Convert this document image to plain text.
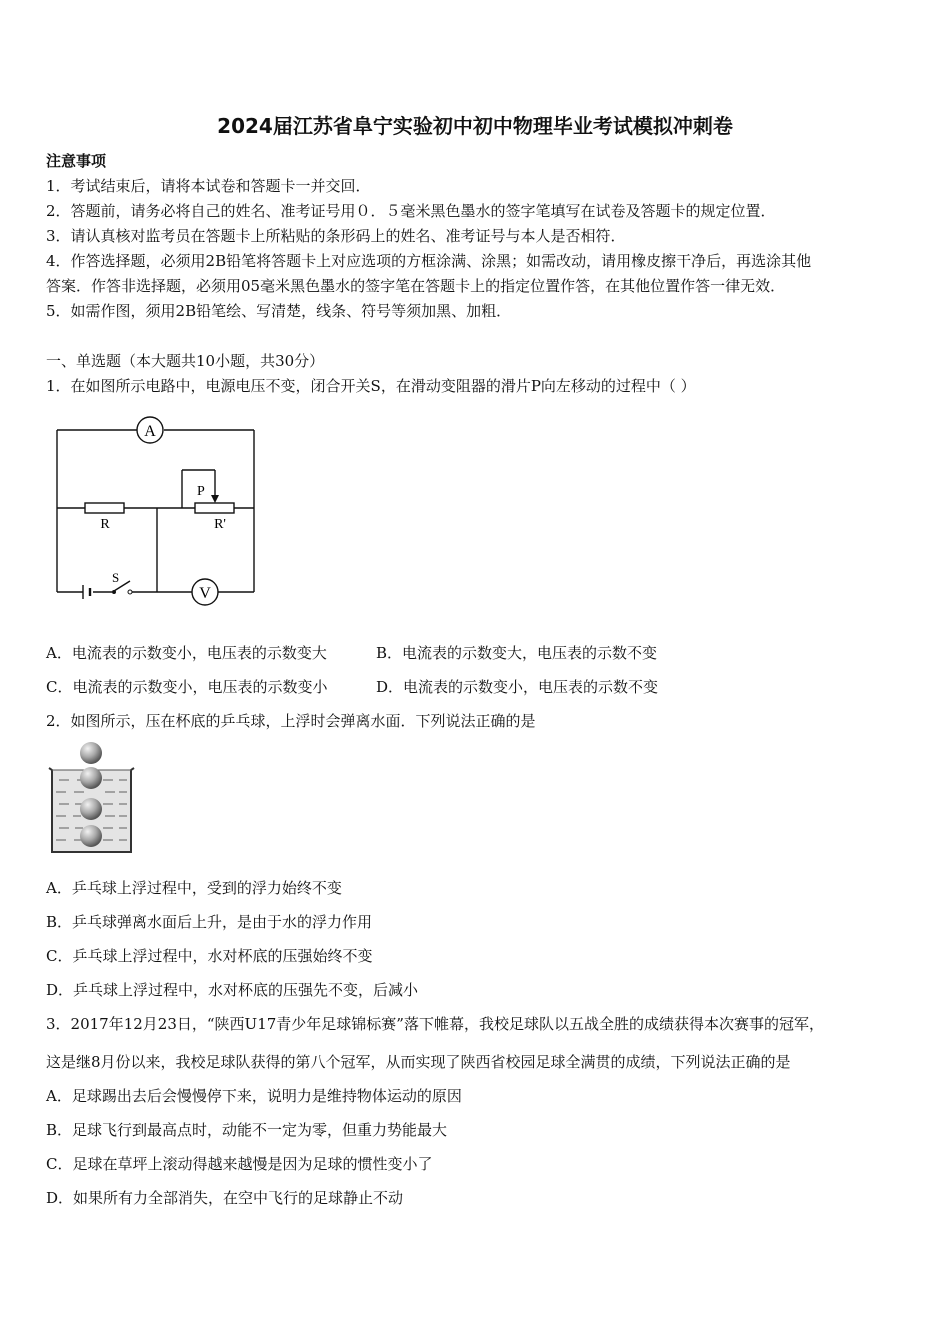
2024届江苏省阜宁实验初中初中物理毕业考试模拟冲刺卷
注意事项
1．考试结束后，请将本试卷和答题卡一并交回．
2．答题前，请务必将自己的姓名、准考证号用０．５毫米黑色墨水的签字笔填写在试卷及答题卡的规定位置．
3．请认真核对监考员在答题卡上所粘贴的条形码上的姓名、准考证号与本人是否相符．
4．作答选择题，必须用2B铅笔将答题卡上对应选项的方框涂满、涂黑；如需改动，请用橡皮擦干净后，再选涂其他
答案．作答非选择题，必须用05毫米黑色墨水的签字笔在答题卡上的指定位置作答，在其他位置作答一律无效．
5．如需作图，须用2B铅笔绘、写清楚，线条、符号等须加黑、加粗．
一、单选题（本大题共10小题，共30分）
1．在如图所示电路中，电源电压不变，闭合开关S，在滑动变阻器的滑片P向左移动的过程中（ ）
A
V
R	R'
P
S
A．电流表的示数变小，电压表的示数变大	B．电流表的示数变大，电压表的示数不变
C．电流表的示数变小，电压表的示数变小	D．电流表的示数变小，电压表的示数不变
2．如图所示，压在杯底的乒乓球，上浮时会弹离水面．下列说法正确的是
A．乒乓球上浮过程中，受到的浮力始终不变
B．乒乓球弹离水面后上升，是由于水的浮力作用
C．乒乓球上浮过程中，水对杯底的压强始终不变
D．乒乓球上浮过程中，水对杯底的压强先不变，后减小
3．2017年12月23日，“陕西U17青少年足球锦标赛”落下帷幕，我校足球队以五战全胜的成绩获得本次赛事的冠军，
这是继8月份以来，我校足球队获得的第八个冠军，从而实现了陕西省校园足球全满贯的成绩，下列说法正确的是
A．足球踢出去后会慢慢停下来，说明力是维持物体运动的原因
B．足球飞行到最高点时，动能不一定为零，但重力势能最大
C．足球在草坪上滚动得越来越慢是因为足球的惯性变小了
D．如果所有力全部消失，在空中飞行的足球静止不动
